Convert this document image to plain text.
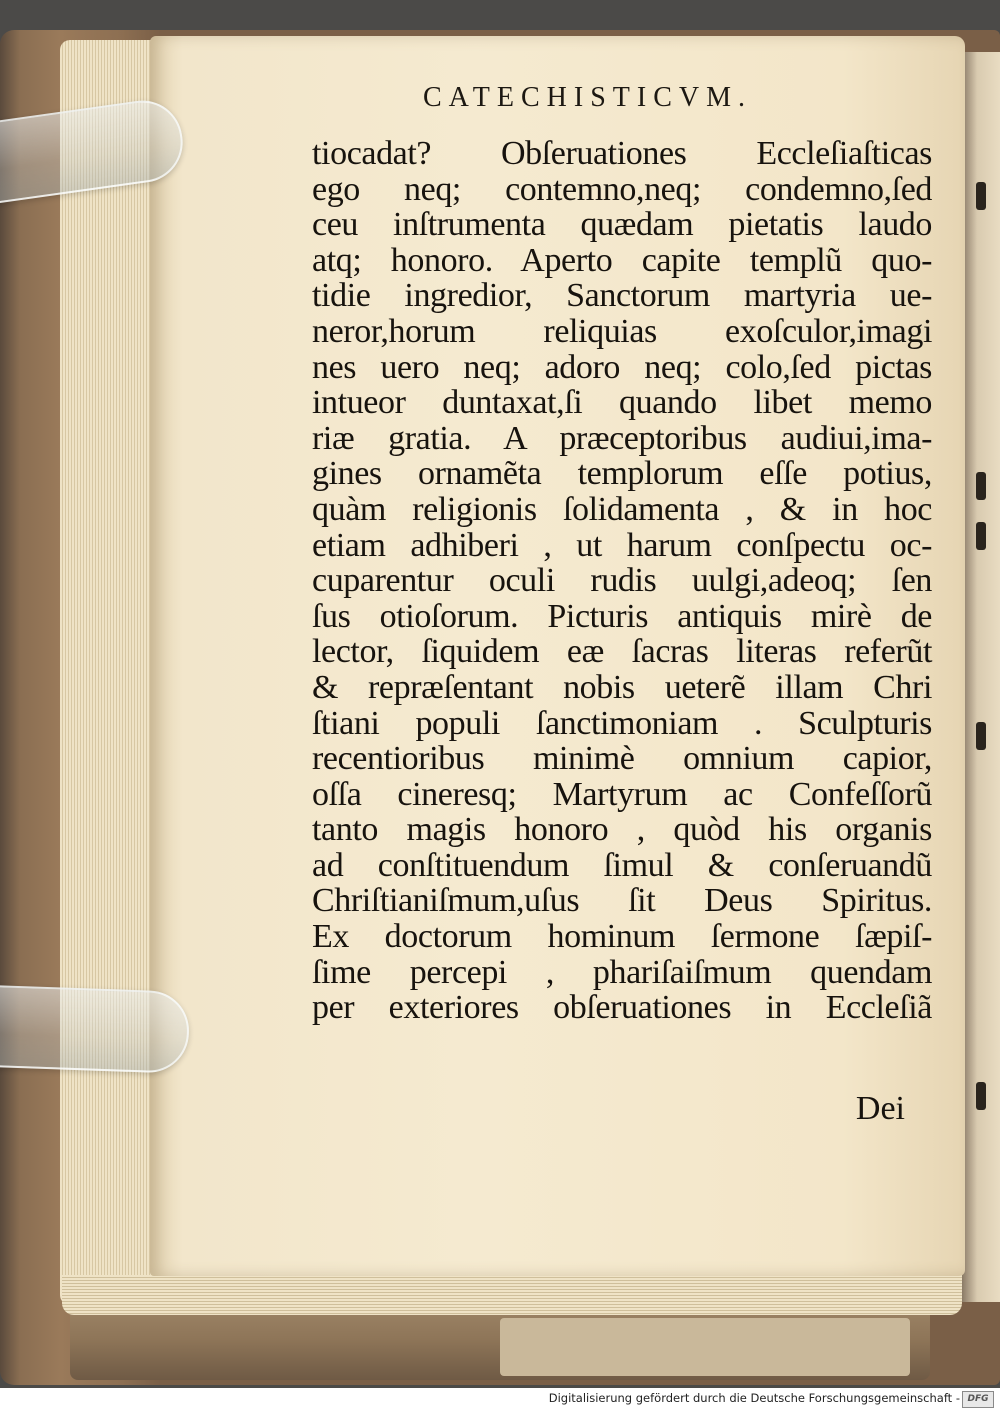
CATECHISTICVM.
tiocadat? Obſeruationes Eccleſiaſticas
ego neq; contemno,neq; condemno,ſed
ceu inſtrumenta quædam pietatis laudo
atq; honoro. Aperto capite templũ quo-
tidie ingredior, Sanctorum martyria ue-
neror,horum reliquias exoſculor,imagi
nes uero neq; adoro neq; colo,ſed pictas
intueor duntaxat,ſi quando libet memo
riæ gratia. A præceptoribus audiui,ima-
gines ornamẽta templorum eſſe potius,
quàm religionis ſolidamenta , & in hoc
etiam adhiberi , ut harum conſpectu oc-
cuparentur oculi rudis uulgi,adeoq; ſen
ſus otioſorum. Picturis antiquis mirè de
lector, ſiquidem eæ ſacras literas referũt
& repræſentant nobis ueterẽ illam Chri
ſtiani populi ſanctimoniam . Sculpturis
recentioribus minimè omnium capior,
oſſa cineresq; Martyrum ac Confeſſorũ
tanto magis honoro , quòd his organis
ad conſtituendum ſimul & conſeruandũ
Chriſtianiſmum,uſus ſit Deus Spiritus.
Ex doctorum hominum ſermone ſæpiſ-
ſime percepi , phariſaiſmum quendam
per exteriores obſeruationes in Eccleſiã
Dei
Digitalisierung gefördert durch die Deutsche Forschungsgemeinschaft - DFG
